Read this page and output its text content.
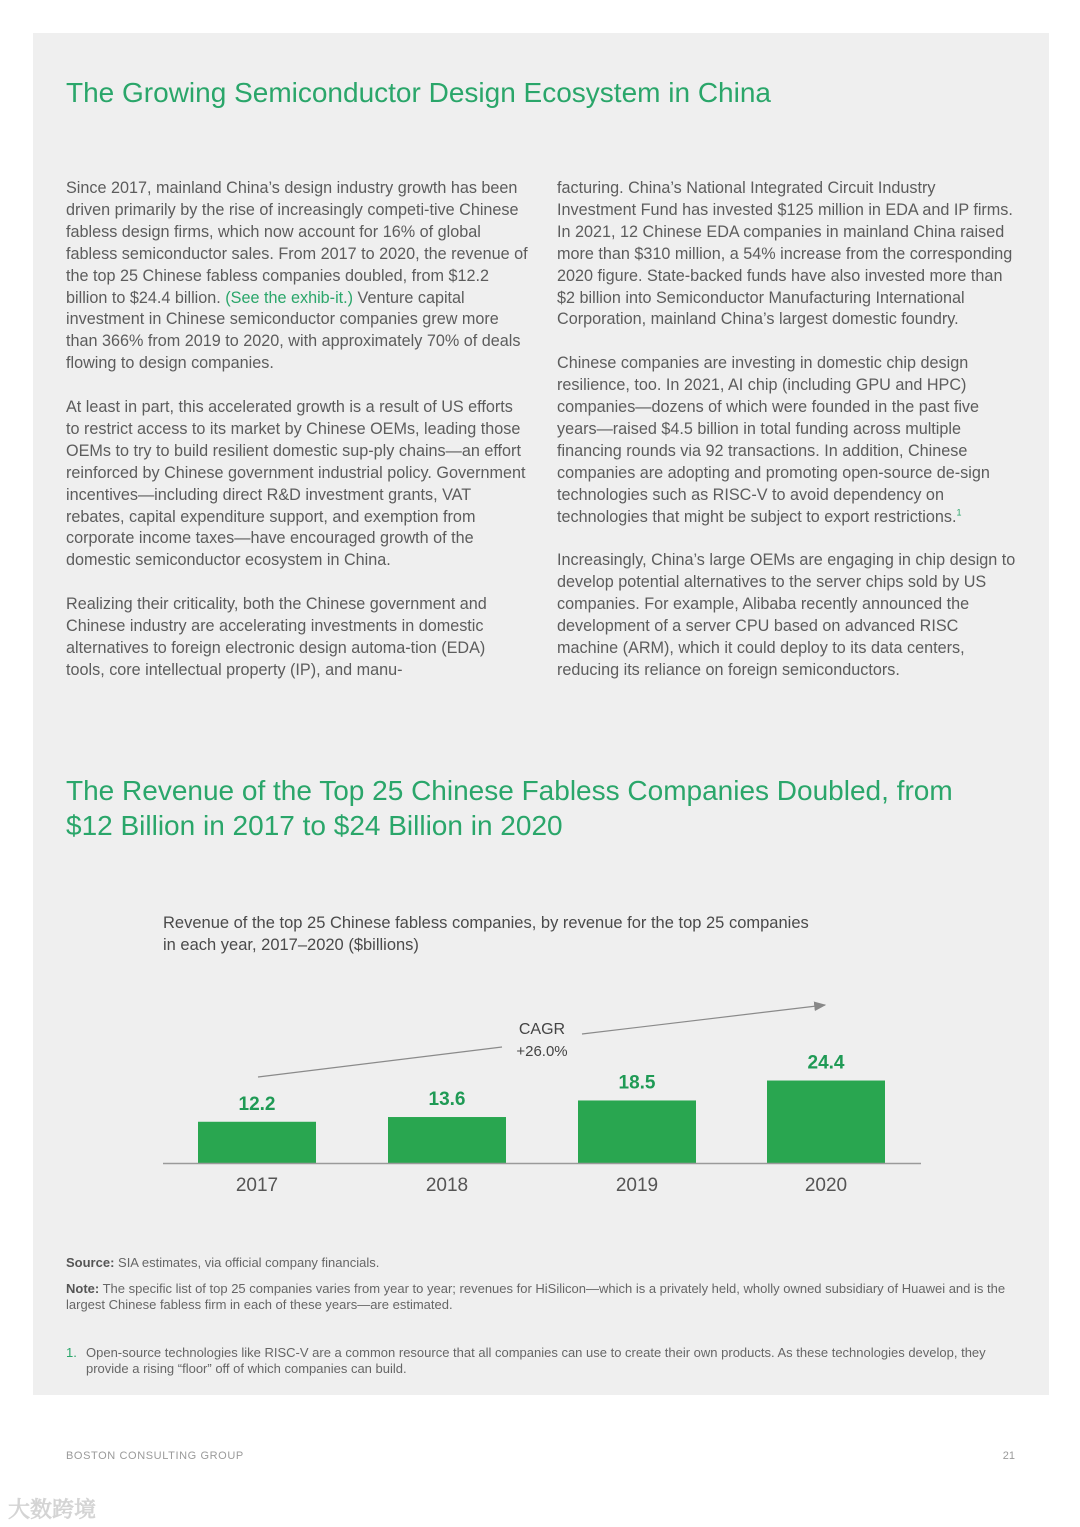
The Growing Semiconductor Design Ecosystem in China

Since 2017, mainland China’s design industry growth has been driven primarily by the rise of increasingly competi-tive Chinese fabless design firms, which now account for 16% of global fabless semiconductor sales. From 2017 to 2020, the revenue of the top 25 Chinese fabless companies doubled, from $12.2 billion to $24.4 billion. (See the exhib-it.) Venture capital investment in Chinese semiconductor companies grew more than 366% from 2019 to 2020, with approximately 70% of deals flowing to design companies.

At least in part, this accelerated growth is a result of US efforts to restrict access to its market by Chinese OEMs, leading those OEMs to try to build resilient domestic sup-ply chains—an effort reinforced by Chinese government industrial policy. Government incentives—including direct R&D investment grants, VAT rebates, capital expenditure support, and exemption from corporate income taxes—have encouraged growth of the domestic semiconductor ecosystem in China.

Realizing their criticality, both the Chinese government and Chinese industry are accelerating investments in domestic alternatives to foreign electronic design automa-tion (EDA) tools, core intellectual property (IP), and manu-

facturing. China’s National Integrated Circuit Industry Investment Fund has invested $125 million in EDA and IP firms. In 2021, 12 Chinese EDA companies in mainland China raised more than $310 million, a 54% increase from the corresponding 2020 figure. State-backed funds have also invested more than $2 billion into Semiconductor Manufacturing International Corporation, mainland China’s largest domestic foundry.

Chinese companies are investing in domestic chip design resilience, too. In 2021, AI chip (including GPU and HPC) companies—dozens of which were founded in the past five years—raised $4.5 billion in total funding across multiple financing rounds via 92 transactions. In addition, Chinese companies are adopting and promoting open-source de-sign technologies such as RISC-V to avoid dependency on technologies that might be subject to export restrictions.$^1$

Increasingly, China’s large OEMs are engaging in chip design to develop potential alternatives to the server chips sold by US companies. For example, Alibaba recently announced the development of a server CPU based on advanced RISC machine (ARM), which it could deploy to its data centers, reducing its reliance on foreign semiconductors.

The Revenue of the Top 25 Chinese Fabless Companies Doubled, from
$12 Billion in 2017 to $24 Billion in 2020
Revenue of the top 25 Chinese fabless companies, by revenue for the top 25 companies
in each year, 2017–2020 ($billions)
12.2
2017
13.6
2018
18.5
2019
24.4
2020
CAGR
+26.0%
Source: SIA estimates, via official company financials.
Note: The specific list of top 25 companies varies from year to year; revenues for HiSilicon—which is a privately held, wholly owned subsidiary of Huawei and is the largest Chinese fabless firm in each of these years—are estimated.
1. Open-source technologies like RISC-V are a common resource that all companies can use to create their own products. As these technologies develop, they provide a rising “floor” off of which companies can build.
BOSTON CONSULTING GROUP	21
大数跨境
